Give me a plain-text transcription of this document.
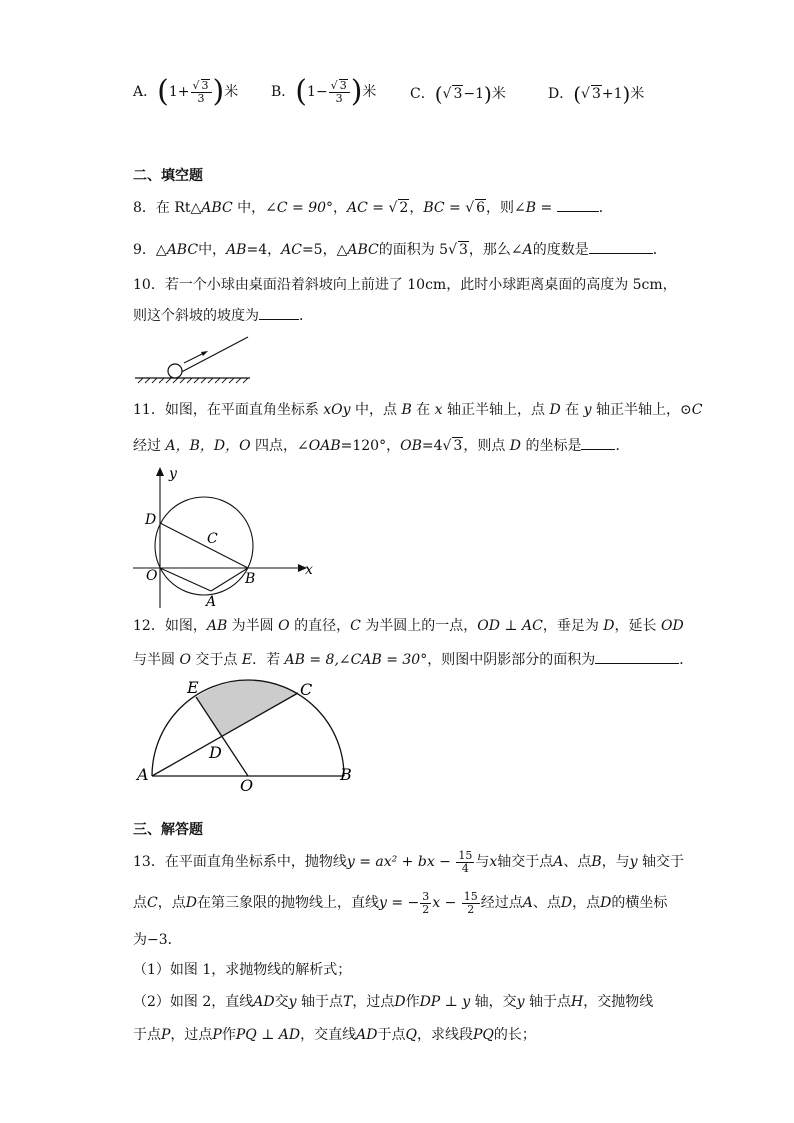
A．($1+ \frac{√ 3}{3}$ )米 B．($1- \frac{√ 3}{3}$ )米 C．(√ 3−1)米	D．(√ 3+1)米
二、填空题
8．在 Rt△ABC 中，∠C = 90°，AC = √ 2，BC = √ 6，则∠B =	．
9．△ABC中，AB=4，AC=5，△ABC的面积为 5√ 3，那么∠A的度数是	．
10．若一个小球由桌面沿着斜坡向上前进了 10cm，此时小球距离桌面的高度为 5cm，
则这个斜坡的坡度为	．
11．如图，在平面直角坐标系 xOy 中，点 B 在 x 轴正半轴上，点 D 在 y 轴正半轴上，⊙C
经过 A，B，D，O 四点，∠OAB=120°，OB=4√ 3，则点 D 的坐标是 ．
y
x
D
C
O	B
A
12．如图，AB 为半圆 O 的直径，C 为半圆上的一点，OD ⊥ AC，垂足为 D，延长 OD
与半圆 O 交于点 E．若 AB = 8,∠CAB = 30°，则图中阴影部分的面积为	．
E	C
D
A
O
B
三、解答题
13．在平面直角坐标系中，抛物线y = ax² + bx − $\frac{15}{4}$ 与x轴交于点A、点B，与y 轴交于
点C，点D在第三象限的抛物线上，直线y = − $\frac{3}{2}$ $x - \frac{15}{2}$ 经过点A、点D，点D的横坐标
为−3．
（1）如图 1，求抛物线的解析式；
（2）如图 2，直线AD交y 轴于点T，过点D作DP ⊥ y 轴，交y 轴于点H，交抛物线
于点P，过点P作PQ ⊥ AD，交直线AD于点Q，求线段PQ的长；
